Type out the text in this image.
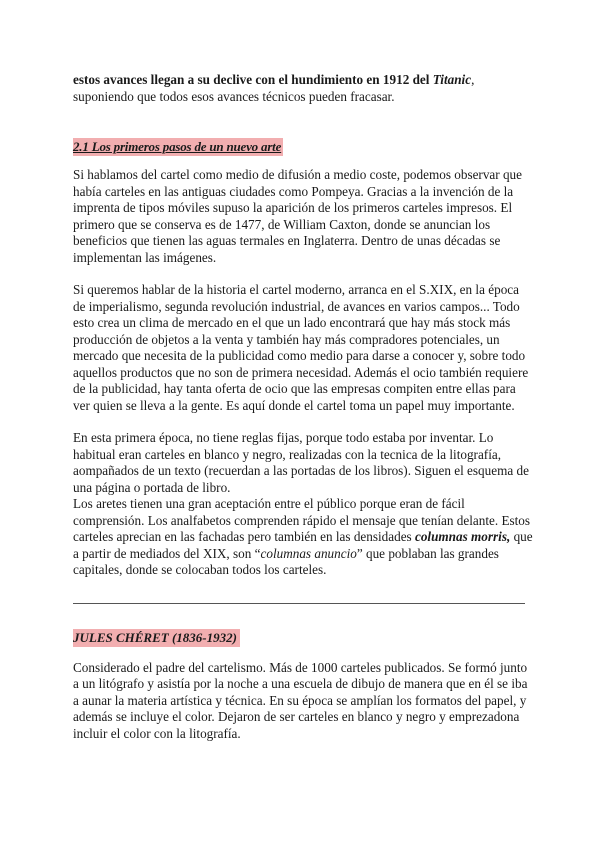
estos avances llegan a su declive con el hundimiento en 1912 del Titanic,
suponiendo que todos esos avances técnicos pueden fracasar.

2.1 Los primeros pasos de un nuevo arte

Si hablamos del cartel como medio de difusión a medio coste, podemos observar que había carteles en las antiguas ciudades como Pompeya. Gracias a la invención de la imprenta de tipos móviles supuso la aparición de los primeros carteles impresos. El primero que se conserva es de 1477, de William Caxton, donde se anuncian los beneficios que tienen las aguas termales en Inglaterra. Dentro de unas décadas se implementan las imágenes.

Si queremos hablar de la historia el cartel moderno, arranca en el S.XIX, en la época de imperialismo, segunda revolución industrial, de avances en varios campos... Todo esto crea un clima de mercado en el que un lado encontrará que hay más stock más producción de objetos a la venta y también hay más compradores potenciales, un mercado que necesita de la publicidad como medio para darse a conocer y, sobre todo aquellos productos que no son de primera necesidad. Además el ocio también requiere de la publicidad, hay tanta oferta de ocio que las empresas compiten entre ellas para ver quien se lleva a la gente. Es aquí donde el cartel toma un papel muy importante.

En esta primera época, no tiene reglas fijas, porque todo estaba por inventar. Lo habitual eran carteles en blanco y negro, realizadas con la tecnica de la litografía, aompañados de un texto (recuerdan a las portadas de los libros). Siguen el esquema de una página o portada de libro.

Los aretes tienen una gran aceptación entre el público porque eran de fácil comprensión. Los analfabetos comprenden rápido el mensaje que tenían delante. Estos carteles aprecian en las fachadas pero también en las densidades columnas morris, que a partir de mediados del XIX, son “columnas anuncio” que poblaban las grandes capitales, donde se colocaban todos los carteles.

JULES CHÉRET (1836-1932)

Considerado el padre del cartelismo. Más de 1000 carteles publicados. Se formó junto a un litógrafo y asistía por la noche a una escuela de dibujo de manera que en él se iba a aunar la materia artística y técnica. En su época se amplían los formatos del papel, y además se incluye el color. Dejaron de ser carteles en blanco y negro y emprezadona incluir el color con la litografía.
